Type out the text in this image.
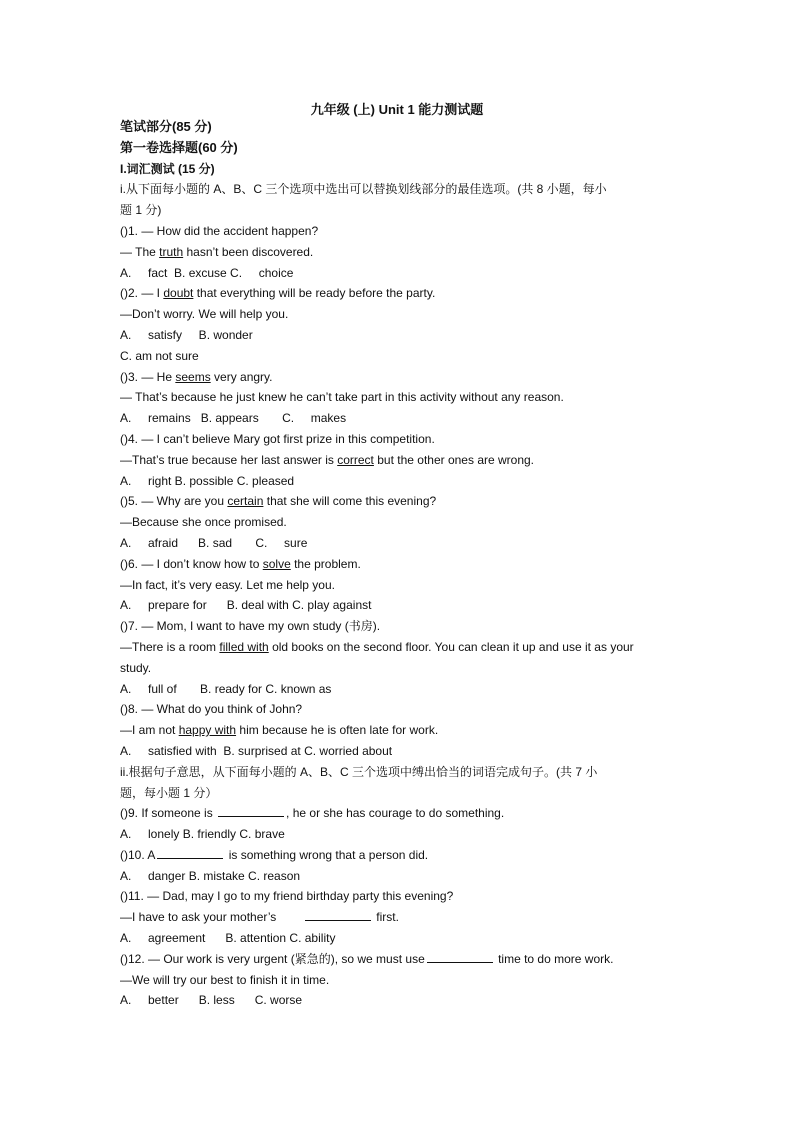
九年级 (上) Unit 1 能力测试题
笔试部分(85 分)
第一卷选择题(60 分)
I.词汇测试 (15 分)
i.从下面每小题的 A、B、C 三个选项中选出可以替换划线部分的最佳选项。(共 8 小题，每小
题 1 分)
()1. — How did the accident happen?
— The truth hasn’t been discovered.
A.     fact  B. excuse C.     choice
()2. — I doubt that everything will be ready before the party.
—Don’t worry. We will help you.
A.     satisfy     B. wonder
C. am not sure
()3. — He seems very angry.
— That’s because he just knew he can’t take part in this activity without any reason.
A.     remains   B. appears       C.     makes
()4. — I can’t believe Mary got first prize in this competition.
—That’s true because her last answer is correct but the other ones are wrong.
A.     right B. possible C. pleased
()5. — Why are you certain that she will come this evening?
—Because she once promised.
A.     afraid      B. sad       C.     sure
()6. — I don’t know how to solve the problem.
—In fact, it’s very easy. Let me help you.
A.     prepare for      B. deal with C. play against
()7. — Mom, I want to have my own study (书房).
—There is a room filled with old books on the second floor. You can clean it up and use it as your
study.
A.     full of       B. ready for C. known as
()8. — What do you think of John?
—I am not happy with him because he is often late for work.
A.     satisfied with  B. surprised at C. worried about
ii.根据句子意思，从下面每小题的 A、B、C 三个选项中缚出恰当的词语完成句子。(共 7 小
题，每小题 1 分）
()9. If someone is	, he or she has courage to do something.
A.     lonely B. friendly C. brave
()10. A	is something wrong that a person did.
A.     danger B. mistake C. reason
()11. — Dad, may I go to my friend birthday party this evening?
—I have to ask your mother’s	first.
A.     agreement      B. attention C. ability
()12. — Our work is very urgent (紧急的), so we must use	time to do more work.
—We will try our best to finish it in time.
A.     better      B. less      C. worse
